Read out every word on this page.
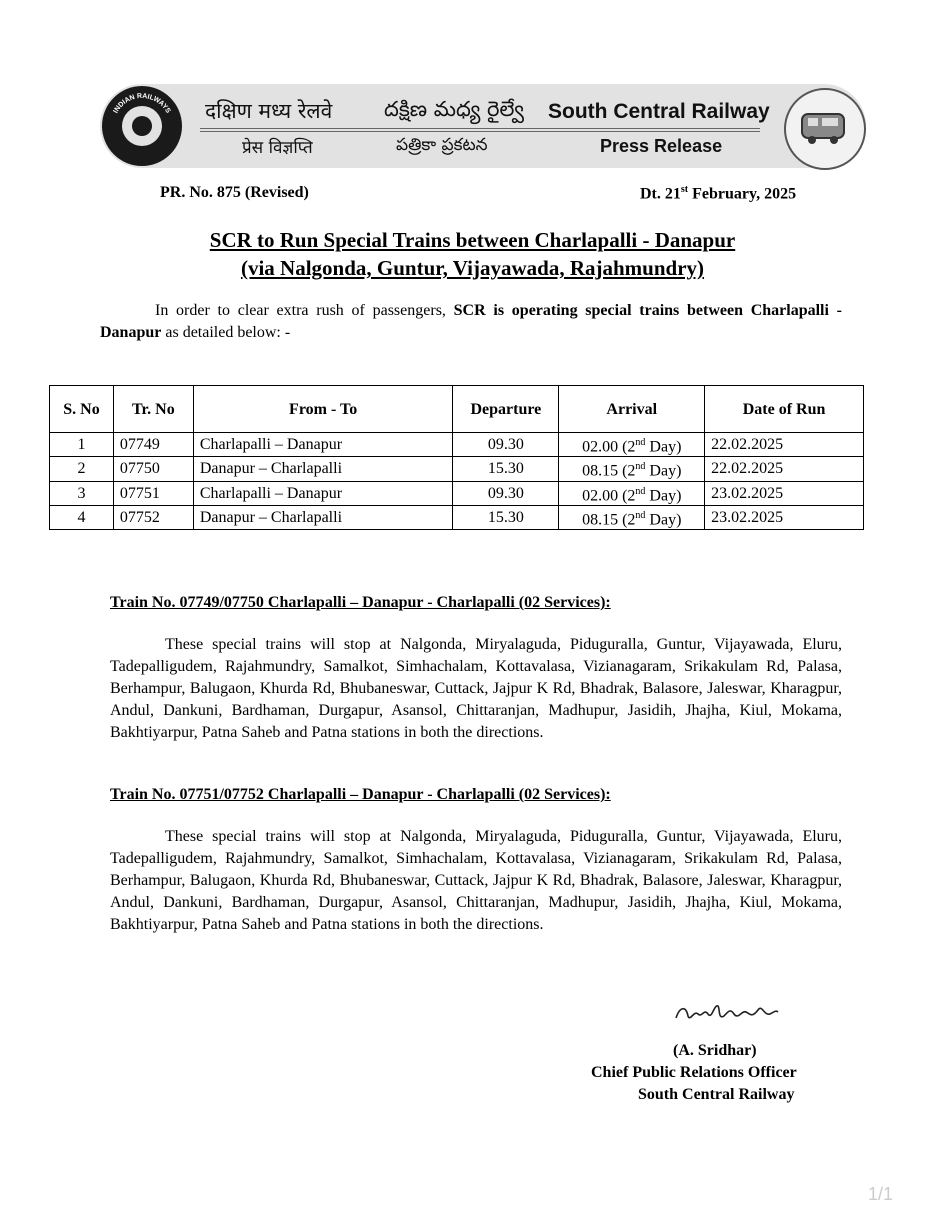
INDIAN RAILWAYS दक्षिण मध्य रेलवे
प्रेस विज्ञप्ति
దక్షిణ మధ్య రైల్వే
పత్రికా ప్రకటన
South Central Railway
Press Release
PR. No. 875 (Revised)	Dt. 21st February, 2025
SCR to Run Special Trains between Charlapalli - Danapur
(via Nalgonda, Guntur, Vijayawada, Rajahmundry)

In order to clear extra rush of passengers, SCR is operating special trains between Charlapalli - Danapur as detailed below: -

S. No	Tr. No	From - To	Departure	Arrival	Date of Run
1	07749	Charlapalli – Danapur	09.30	02.00 (2nd Day)	22.02.2025
2	07750	Danapur – Charlapalli	15.30	08.15 (2nd Day)	22.02.2025
3	07751	Charlapalli – Danapur	09.30	02.00 (2nd Day)	23.02.2025
4	07752	Danapur – Charlapalli	15.30	08.15 (2nd Day)	23.02.2025
Train No. 07749/07750 Charlapalli – Danapur - Charlapalli (02 Services):

These special trains will stop at Nalgonda, Miryalaguda, Piduguralla, Guntur, Vijayawada, Eluru, Tadepalligudem, Rajahmundry, Samalkot, Simhachalam, Kottavalasa, Vizianagaram, Srikakulam Rd, Palasa, Berhampur, Balugaon, Khurda Rd, Bhubaneswar, Cuttack, Jajpur K Rd, Bhadrak, Balasore, Jaleswar, Kharagpur, Andul, Dankuni, Bardhaman, Durgapur, Asansol, Chittaranjan, Madhupur, Jasidih, Jhajha, Kiul, Mokama, Bakhtiyarpur, Patna Saheb and Patna stations in both the directions.

Train No. 07751/07752 Charlapalli – Danapur - Charlapalli (02 Services):

These special trains will stop at Nalgonda, Miryalaguda, Piduguralla, Guntur, Vijayawada, Eluru, Tadepalligudem, Rajahmundry, Samalkot, Simhachalam, Kottavalasa, Vizianagaram, Srikakulam Rd, Palasa, Berhampur, Balugaon, Khurda Rd, Bhubaneswar, Cuttack, Jajpur K Rd, Bhadrak, Balasore, Jaleswar, Kharagpur, Andul, Dankuni, Bardhaman, Durgapur, Asansol, Chittaranjan, Madhupur, Jasidih, Jhajha, Kiul, Mokama, Bakhtiyarpur, Patna Saheb and Patna stations in both the directions.

(A. Sridhar)
Chief Public Relations Officer
South Central Railway
1/1
